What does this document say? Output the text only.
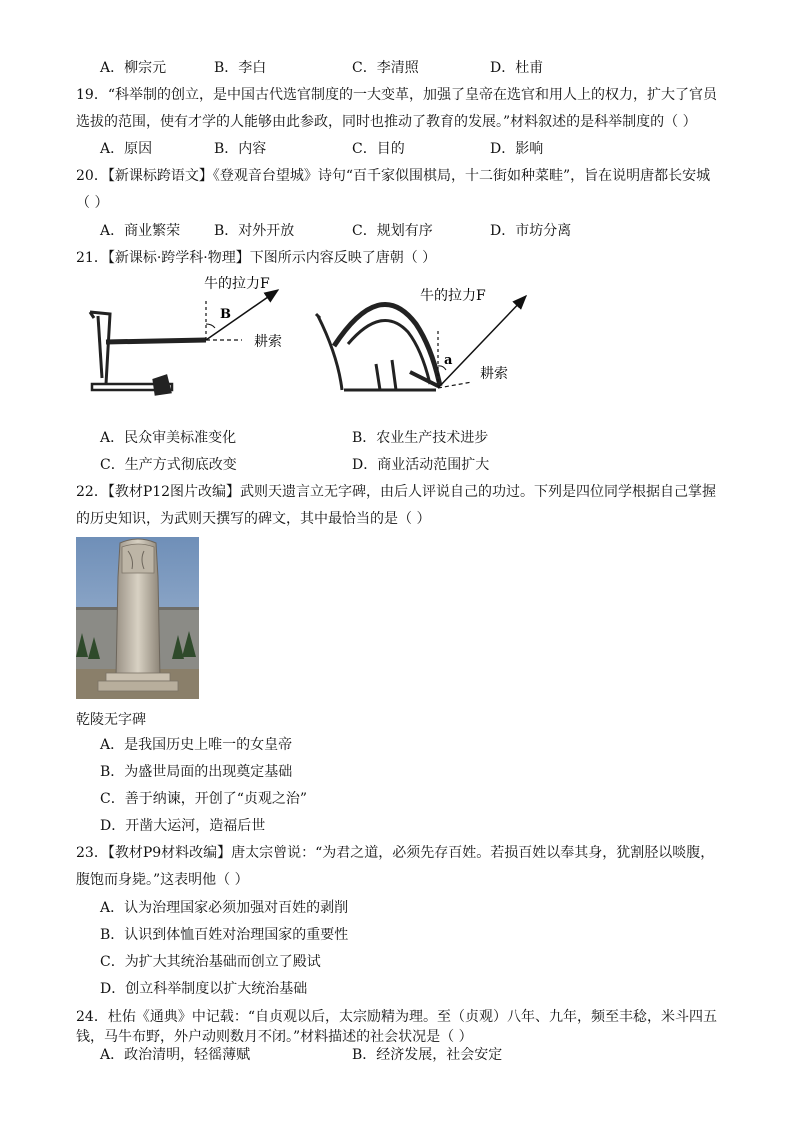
A．柳宗元	B．李白	C．李清照	D．杜甫
19．“科举制的创立，是中国古代选官制度的一大变革，加强了皇帝在选官和用人上的权力，扩大了官员
选拔的范围，使有才学的人能够由此参政，同时也推动了教育的发展。”材料叙述的是科举制度的（ ）
A．原因	B．内容	C．目的	D．影响
20．【新课标跨语文】《登观音台望城》诗句“百千家似围棋局，十二街如种菜畦”，旨在说明唐都长安城
（ ）
A．商业繁荣 B．对外开放	C．规划有序	D．市坊分离
21．【新课标·跨学科·物理】下图所示内容反映了唐朝（ ）
牛的拉力F
B
耕索
牛的拉力F
a
耕索
A．民众审美标准变化	B．农业生产技术进步
C．生产方式彻底改变	D．商业活动范围扩大
22．【教材P12图片改编】武则天遗言立无字碑，由后人评说自己的功过。下列是四位同学根据自己掌握
的历史知识，为武则天撰写的碑文，其中最恰当的是（ ）
乾陵无字碑
A．是我国历史上唯一的女皇帝
B．为盛世局面的出现奠定基础
C．善于纳谏，开创了“贞观之治”
D．开凿大运河，造福后世
23．【教材P9材料改编】唐太宗曾说：“为君之道，必须先存百姓。若损百姓以奉其身，犹割胫以啖腹，
腹饱而身毙。”这表明他（ ）
A．认为治理国家必须加强对百姓的剥削
B．认识到体恤百姓对治理国家的重要性
C．为扩大其统治基础而创立了殿试
D．创立科举制度以扩大统治基础
24．杜佑《通典》中记载：“自贞观以后，太宗励精为理。至（贞观）八年、九年，频至丰稔，米斗四五
钱，马牛布野，外户动则数月不闭。”材料描述的社会状况是（ ）
A．政治清明，轻徭薄赋	B．经济发展，社会安定
